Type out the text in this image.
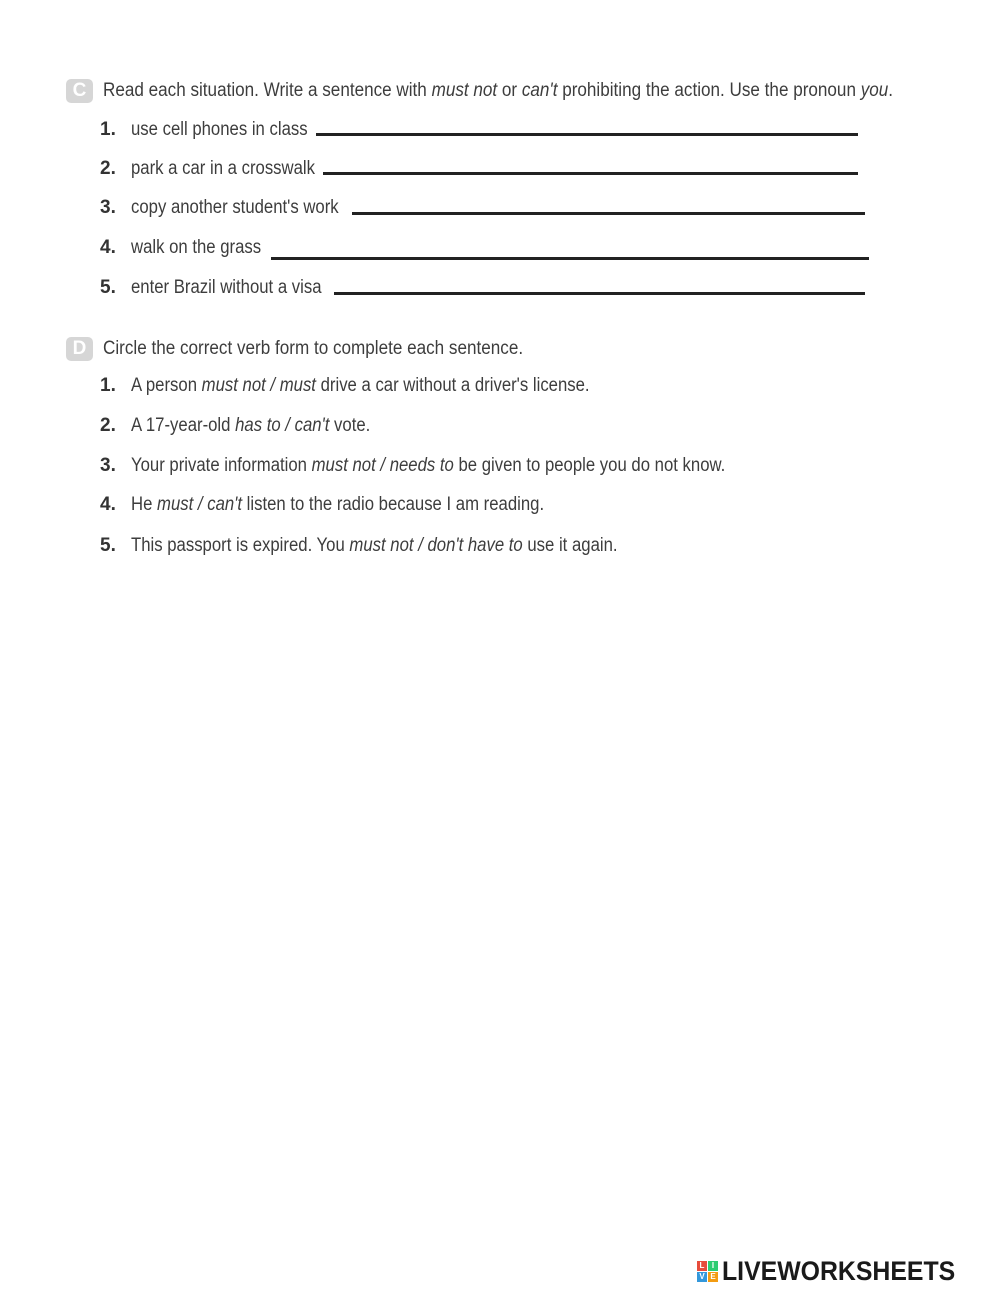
C Read each situation. Write a sentence with must not or can't prohibiting the action. Use the pronoun you.
1. use cell phones in class
2. park a car in a crosswalk
3. copy another student's work
4. walk on the grass
5. enter Brazil without a visa
D Circle the correct verb form to complete each sentence.
1. A person must not / must drive a car without a driver's license.
2. A 17-year-old has to / can't vote.
3. Your private information must not / needs to be given to people you do not know.
4. He must / can't listen to the radio because I am reading.
5. This passport is expired. You must not / don't have to use it again.
L I
V E LIVEWORKSHEETS
